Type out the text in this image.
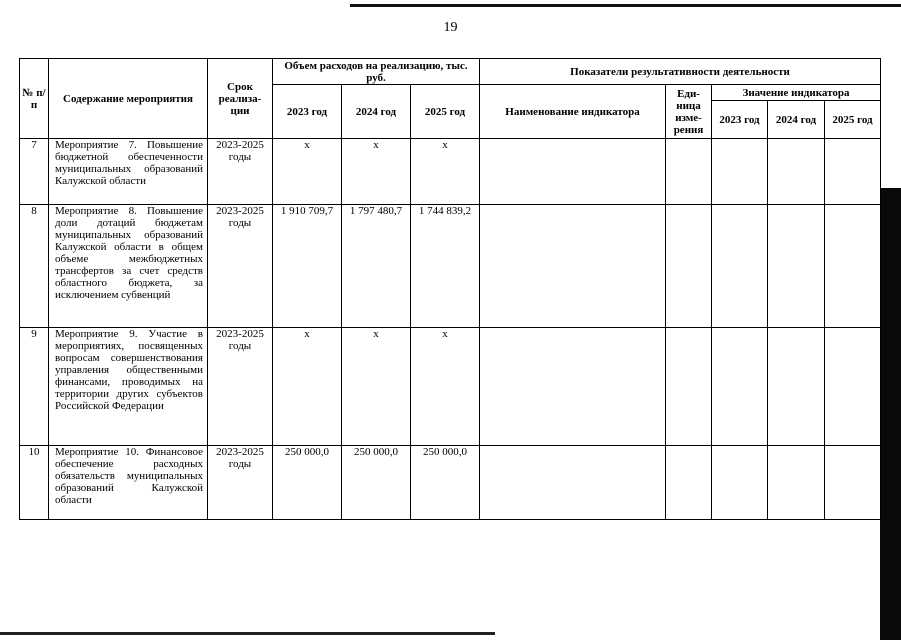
19
№ п/п	Содержание мероприятия	Срок реализа-ции	Объем расходов на реализацию, тыс. руб.			Показатели результативности деятельности				
			2023 год	2024 год	2025 год	Наименование индикатора	Еди-ница изме-рения	Значение индикатора		
								2023 год	2024 год	2025 год
7	Мероприятие 7. Повышение бюджетной обеспеченности муниципальных образований Калужской области	2023-2025 годы	x	x	x					
8	Мероприятие 8. Повышение доли дотаций бюджетам муниципальных образований Калужской области в общем объеме межбюджетных трансфертов за счет средств областного бюджета, за исключением субвенций	2023-2025 годы	1 910 709,7	1 797 480,7	1 744 839,2					
9	Мероприятие 9. Участие в мероприятиях, посвященных вопросам совершенствования управления общественными финансами, проводимых на территории других субъектов Российской Федерации	2023-2025 годы	x	x	x					
10	Мероприятие 10. Финансовое обеспечение расходных обязательств муниципальных образований Калужской области	2023-2025 годы	250 000,0	250 000,0	250 000,0					
